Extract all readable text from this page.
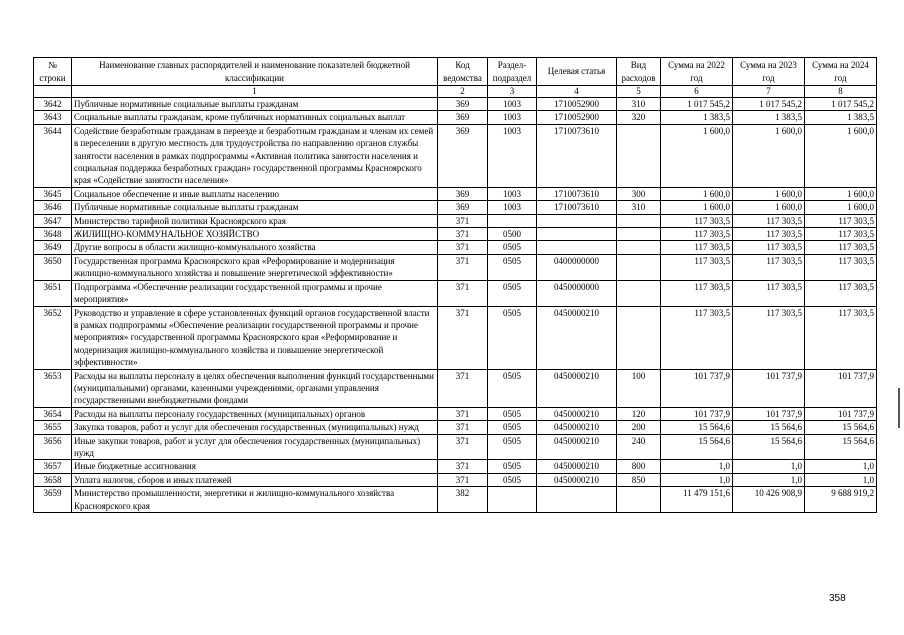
№ строки	Наименование главных распорядителей и наименование показателей бюджетной классификации	Код ведомства	Раздел-подраздел	Целевая статья	Вид расходов	Сумма на 2022 год	Сумма на 2023 год	Сумма на 2024 год
	1	2	3	4	5	6	7	8
3642	Публичные нормативные социальные выплаты гражданам	369	1003	1710052900	310	1 017 545,2	1 017 545,2	1 017 545,2
3643	Социальные выплаты гражданам, кроме публичных нормативных социальных выплат	369	1003	1710052900	320	1 383,5	1 383,5	1 383,5
3644	Содействие безработным гражданам в переезде и безработным гражданам и членам их семей в переселении в другую местность для трудоустройства по направлению органов службы занятости населения в рамках подпрограммы «Активная политика занятости населения и социальная поддержка безработных граждан» государственной программы Красноярского края «Содействие занятости населения»	369	1003	1710073610		1 600,0	1 600,0	1 600,0
3645	Социальное обеспечение и иные выплаты населению	369	1003	1710073610	300	1 600,0	1 600,0	1 600,0
3646	Публичные нормативные социальные выплаты гражданам	369	1003	1710073610	310	1 600,0	1 600,0	1 600,0
3647	Министерство тарифной политики Красноярского края	371				117 303,5	117 303,5	117 303,5
3648	ЖИЛИЩНО-КОММУНАЛЬНОЕ ХОЗЯЙСТВО	371	0500			117 303,5	117 303,5	117 303,5
3649	Другие вопросы в области жилищно-коммунального хозяйства	371	0505			117 303,5	117 303,5	117 303,5
3650	Государственная программа Красноярского края «Реформирование и модернизация жилищно-коммунального хозяйства и повышение энергетической эффективности»	371	0505	0400000000		117 303,5	117 303,5	117 303,5
3651	Подпрограмма «Обеспечение реализации государственной программы и прочие мероприятия»	371	0505	0450000000		117 303,5	117 303,5	117 303,5
3652	Руководство и управление в сфере установленных функций органов государственной власти в рамках подпрограммы «Обеспечение реализации государственной программы и прочие мероприятия» государственной программы Красноярского края «Реформирование и модернизация жилищно-коммунального хозяйства и повышение энергетической эффективности»	371	0505	0450000210		117 303,5	117 303,5	117 303,5
3653	Расходы на выплаты персоналу в целях обеспечения выполнения функций государственными (муниципальными) органами, казенными учреждениями, органами управления государственными внебюджетными фондами	371	0505	0450000210	100	101 737,9	101 737,9	101 737,9
3654	Расходы на выплаты персоналу государственных (муниципальных) органов	371	0505	0450000210	120	101 737,9	101 737,9	101 737,9
3655	Закупка товаров, работ и услуг для обеспечения государственных (муниципальных) нужд	371	0505	0450000210	200	15 564,6	15 564,6	15 564,6
3656	Иные закупки товаров, работ и услуг для обеспечения государственных (муниципальных) нужд	371	0505	0450000210	240	15 564,6	15 564,6	15 564,6
3657	Иные бюджетные ассигнования	371	0505	0450000210	800	1,0	1,0	1,0
3658	Уплата налогов, сборов и иных платежей	371	0505	0450000210	850	1,0	1,0	1,0
3659	Министерство промышленности, энергетики и жилищно-коммунального хозяйства Красноярского края	382				11 479 151,6	10 426 908,9	9 688 919,2
358
